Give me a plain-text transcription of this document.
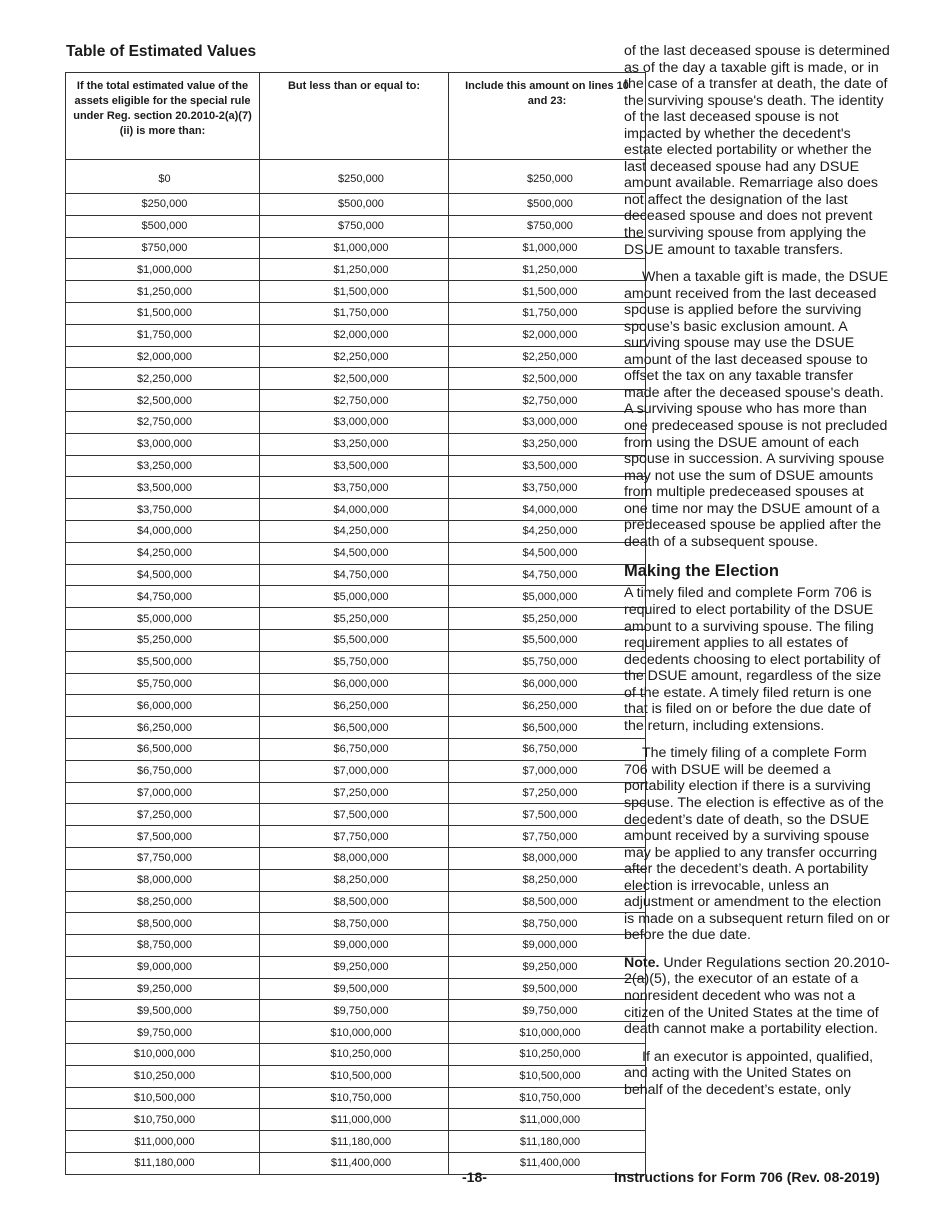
Table of Estimated Values
If the total estimated value of the assets eligible for the special rule under Reg. section 20.2010-2(a)(7)(ii) is more than:	But less than or equal to:	Include this amount on lines 10 and 23:
$0	$250,000	$250,000
$250,000	$500,000	$500,000
$500,000	$750,000	$750,000
$750,000	$1,000,000	$1,000,000
$1,000,000	$1,250,000	$1,250,000
$1,250,000	$1,500,000	$1,500,000
$1,500,000	$1,750,000	$1,750,000
$1,750,000	$2,000,000	$2,000,000
$2,000,000	$2,250,000	$2,250,000
$2,250,000	$2,500,000	$2,500,000
$2,500,000	$2,750,000	$2,750,000
$2,750,000	$3,000,000	$3,000,000
$3,000,000	$3,250,000	$3,250,000
$3,250,000	$3,500,000	$3,500,000
$3,500,000	$3,750,000	$3,750,000
$3,750,000	$4,000,000	$4,000,000
$4,000,000	$4,250,000	$4,250,000
$4,250,000	$4,500,000	$4,500,000
$4,500,000	$4,750,000	$4,750,000
$4,750,000	$5,000,000	$5,000,000
$5,000,000	$5,250,000	$5,250,000
$5,250,000	$5,500,000	$5,500,000
$5,500,000	$5,750,000	$5,750,000
$5,750,000	$6,000,000	$6,000,000
$6,000,000	$6,250,000	$6,250,000
$6,250,000	$6,500,000	$6,500,000
$6,500,000	$6,750,000	$6,750,000
$6,750,000	$7,000,000	$7,000,000
$7,000,000	$7,250,000	$7,250,000
$7,250,000	$7,500,000	$7,500,000
$7,500,000	$7,750,000	$7,750,000
$7,750,000	$8,000,000	$8,000,000
$8,000,000	$8,250,000	$8,250,000
$8,250,000	$8,500,000	$8,500,000
$8,500,000	$8,750,000	$8,750,000
$8,750,000	$9,000,000	$9,000,000
$9,000,000	$9,250,000	$9,250,000
$9,250,000	$9,500,000	$9,500,000
$9,500,000	$9,750,000	$9,750,000
$9,750,000	$10,000,000	$10,000,000
$10,000,000	$10,250,000	$10,250,000
$10,250,000	$10,500,000	$10,500,000
$10,500,000	$10,750,000	$10,750,000
$10,750,000	$11,000,000	$11,000,000
$11,000,000	$11,180,000	$11,180,000
$11,180,000	$11,400,000	$11,400,000

of the last deceased spouse is determined as of the day a taxable gift is made, or in the case of a transfer at death, the date of the surviving spouse's death. The identity of the last deceased spouse is not impacted by whether the decedent's estate elected portability or whether the last deceased spouse had any DSUE amount available. Remarriage also does not affect the designation of the last deceased spouse and does not prevent the surviving spouse from applying the DSUE amount to taxable transfers.

When a taxable gift is made, the DSUE amount received from the last deceased spouse is applied before the surviving spouse’s basic exclusion amount. A surviving spouse may use the DSUE amount of the last deceased spouse to offset the tax on any taxable transfer made after the deceased spouse's death. A surviving spouse who has more than one predeceased spouse is not precluded from using the DSUE amount of each spouse in succession. A surviving spouse may not use the sum of DSUE amounts from multiple predeceased spouses at one time nor may the DSUE amount of a predeceased spouse be applied after the death of a subsequent spouse.

Making the Election

A timely filed and complete Form 706 is required to elect portability of the DSUE amount to a surviving spouse. The filing requirement applies to all estates of decedents choosing to elect portability of the DSUE amount, regardless of the size of the estate. A timely filed return is one that is filed on or before the due date of the return, including extensions.

The timely filing of a complete Form 706 with DSUE will be deemed a portability election if there is a surviving spouse. The election is effective as of the decedent’s date of death, so the DSUE amount received by a surviving spouse may be applied to any transfer occurring after the decedent’s death. A portability election is irrevocable, unless an adjustment or amendment to the election is made on a subsequent return filed on or before the due date.

Note. Under Regulations section 20.2010-2(a)(5), the executor of an estate of a nonresident decedent who was not a citizen of the United States at the time of death cannot make a portability election.

If an executor is appointed, qualified, and acting with the United States on behalf of the decedent’s estate, only

-18-	Instructions for Form 706 (Rev. 08-2019)
